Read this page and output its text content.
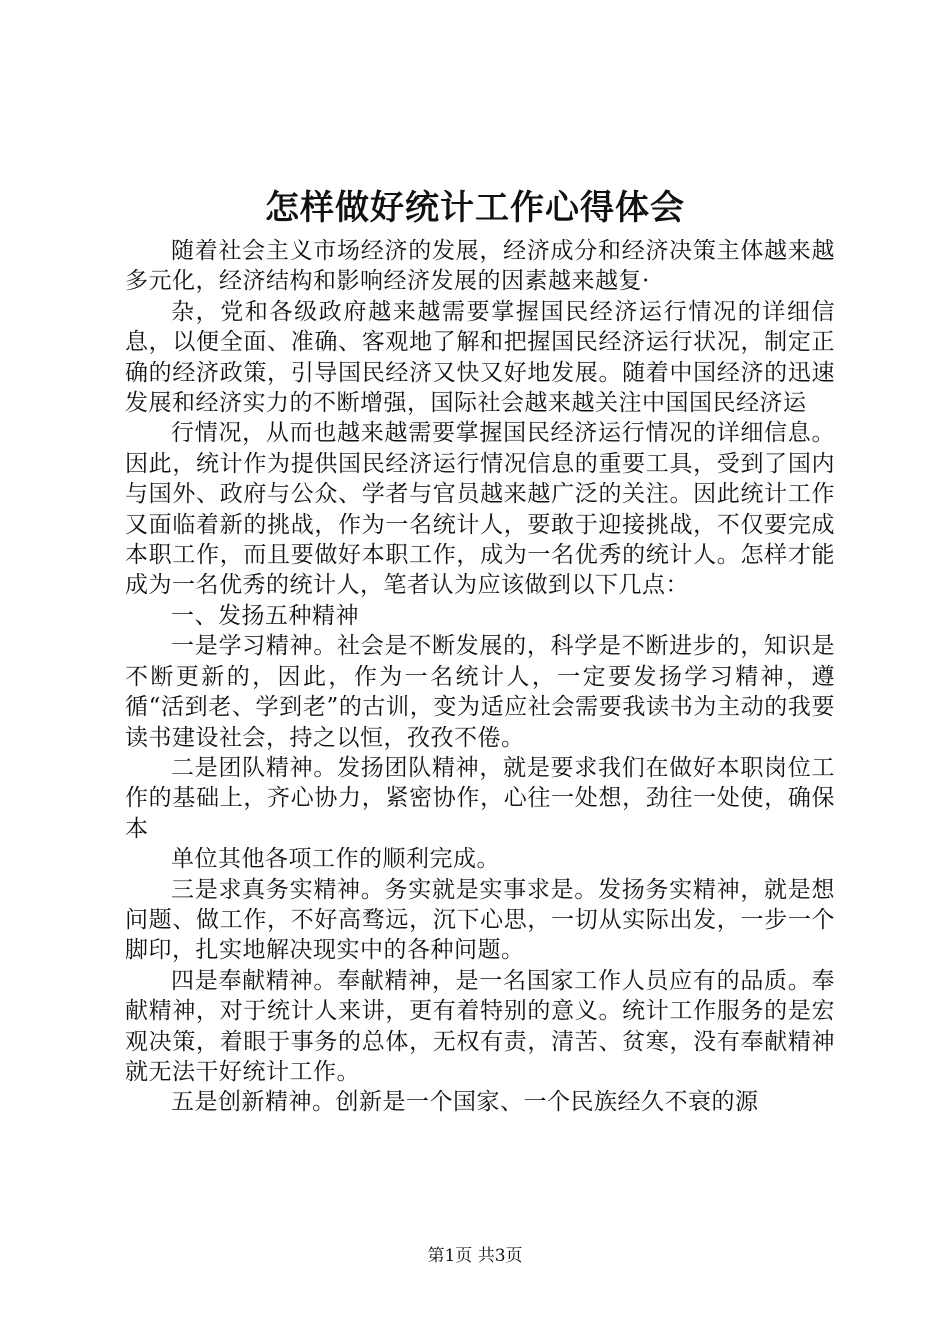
怎样做好统计工作心得体会

随着社会主义市场经济的发展，经济成分和经济决策主体越来越多元化，经济结构和影响经济发展的因素越来越复·

杂，党和各级政府越来越需要掌握国民经济运行情况的详细信息，以便全面、准确、客观地了解和把握国民经济运行状况，制定正确的经济政策，引导国民经济又快又好地发展。随着中国经济的迅速发展和经济实力的不断增强，国际社会越来越关注中国国民经济运

行情况，从而也越来越需要掌握国民经济运行情况的详细信息。因此，统计作为提供国民经济运行情况信息的重要工具，受到了国内与国外、政府与公众、学者与官员越来越广泛的关注。因此统计工作又面临着新的挑战，作为一名统计人，要敢于迎接挑战，不仅要完成本职工作，而且要做好本职工作，成为一名优秀的统计人。怎样才能成为一名优秀的统计人，笔者认为应该做到以下几点：

一、发扬五种精神

一是学习精神。社会是不断发展的，科学是不断进步的，知识是不断更新的，因此，作为一名统计人，一定要发扬学习精神，遵循“活到老、学到老”的古训，变为适应社会需要我读书为主动的我要读书建设社会，持之以恒，孜孜不倦。

二是团队精神。发扬团队精神，就是要求我们在做好本职岗位工作的基础上，齐心协力，紧密协作，心往一处想，劲往一处使，确保本

单位其他各项工作的顺利完成。

三是求真务实精神。务实就是实事求是。发扬务实精神，就是想问题、做工作，不好高骛远，沉下心思，一切从实际出发，一步一个脚印，扎实地解决现实中的各种问题。

四是奉献精神。奉献精神，是一名国家工作人员应有的品质。奉献精神，对于统计人来讲，更有着特别的意义。统计工作服务的是宏观决策，着眼于事务的总体，无权有责，清苦、贫寒，没有奉献精神就无法干好统计工作。

五是创新精神。创新是一个国家、一个民族经久不衰的源

第1页 共3页
